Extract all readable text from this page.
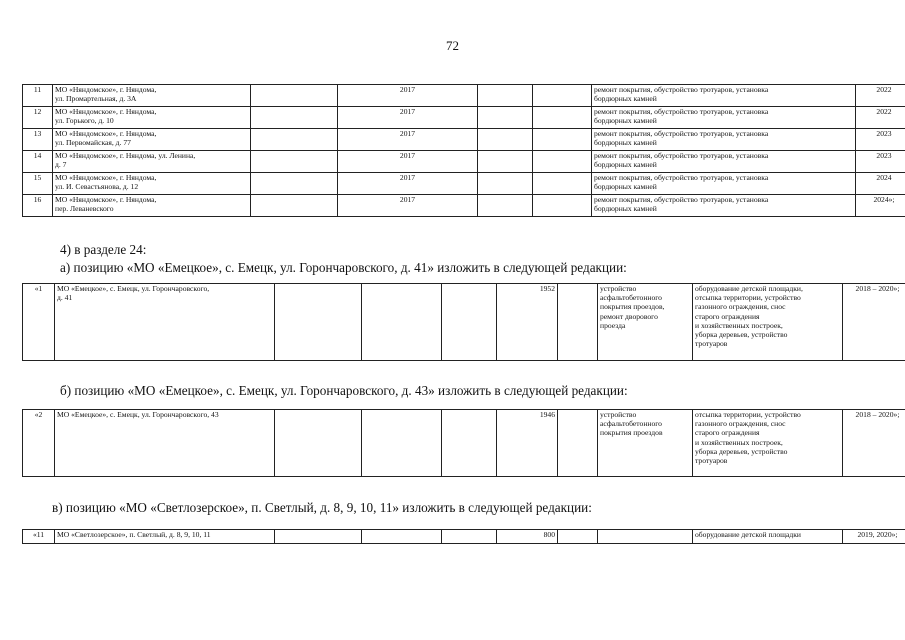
72
11	МО «Няндомское», г. Няндома,
ул. Промартельная, д. 3А		2017			ремонт покрытия, обустройство тротуаров, установка
бордюрных камней	2022
12	МО «Няндомское», г. Няндома,
ул. Горького, д. 10		2017			ремонт покрытия, обустройство тротуаров, установка
бордюрных камней	2022
13	МО «Няндомское», г. Няндома,
ул. Первомайская, д. 77		2017			ремонт покрытия, обустройство тротуаров, установка
бордюрных камней	2023
14	МО «Няндомское», г. Няндома, ул. Ленина,
д. 7		2017			ремонт покрытия, обустройство тротуаров, установка
бордюрных камней	2023
15	МО «Няндомское», г. Няндома,
ул. И. Севастьянова, д. 12		2017			ремонт покрытия, обустройство тротуаров, установка
бордюрных камней	2024
16	МО «Няндомское», г. Няндома,
пер. Леваневского		2017			ремонт покрытия, обустройство тротуаров, установка
бордюрных камней	2024»;
4) в разделе 24:
а) позицию «МО «Емецкое», с. Емецк, ул. Горончаровского, д. 41» изложить в следующей редакции:
«1	МО «Емецкое», с. Емецк, ул. Горончаровского,
д. 41				1952		устройство
асфальтобетонного
покрытия проездов,
ремонт дворового
проезда	оборудование детской площадки,
отсыпка территории, устройство
газонного ограждения, снос
старого ограждения
и хозяйственных построек,
уборка деревьев, устройство
тротуаров	2018 – 2020»;
б) позицию «МО «Емецкое», с. Емецк, ул. Горончаровского, д. 43» изложить в следующей редакции:
«2	МО «Емецкое», с. Емецк, ул. Горончаровского, 43				1946		устройство
асфальтобетонного
покрытия проездов	отсыпка территории, устройство
газонного ограждения, снос
старого ограждения
и хозяйственных построек,
уборка деревьев, устройство
тротуаров	2018 – 2020»;
в) позицию «МО «Светлозерское», п. Светлый, д. 8, 9, 10, 11» изложить в следующей редакции:
«11	МО «Светлозерское», п. Светлый, д. 8, 9, 10, 11				800			оборудование детской площадки	2019, 2020»;
